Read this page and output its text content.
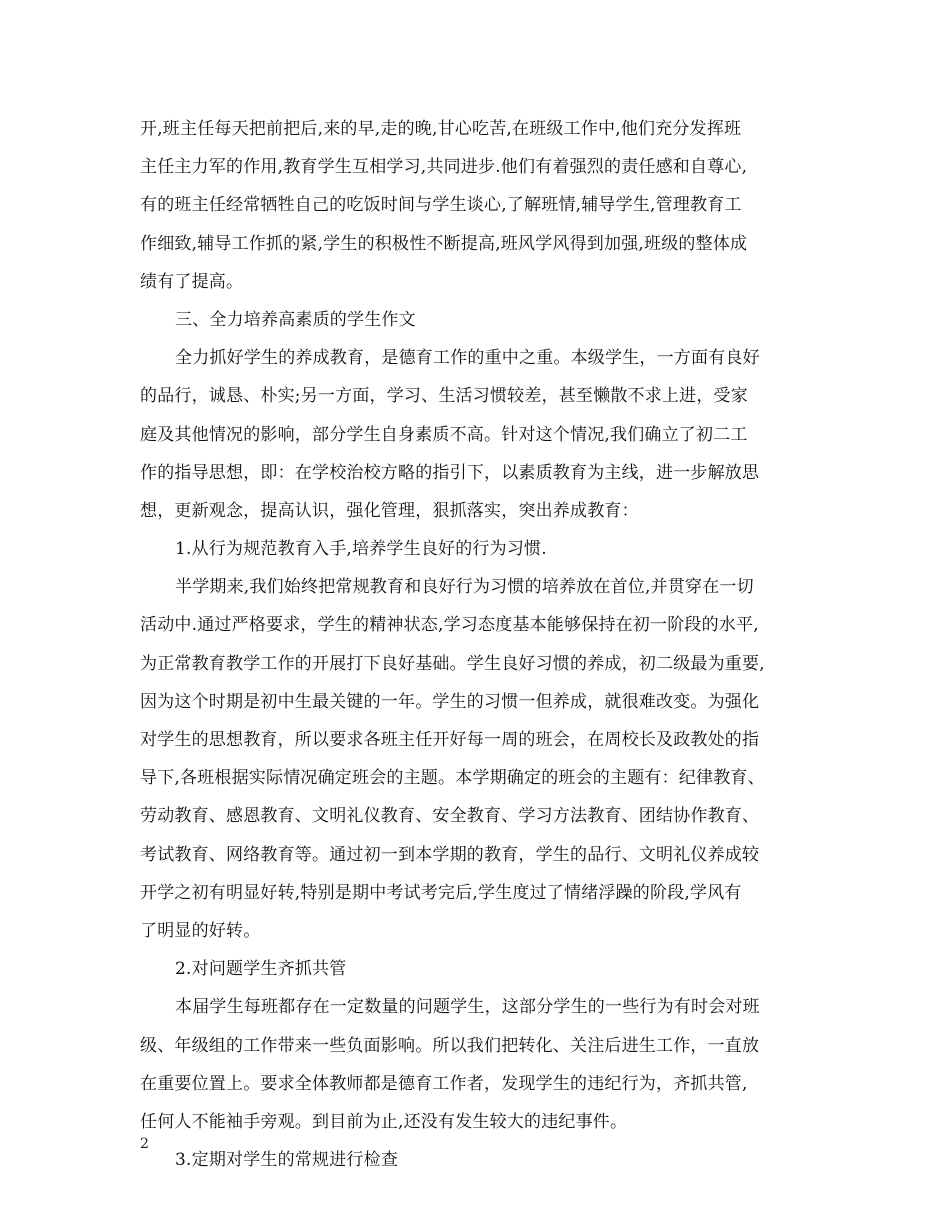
开,班主任每天把前把后,来的早,走的晚,甘心吃苦,在班级工作中,他们充分发挥班
主任主力军的作用,教育学生互相学习,共同进步.他们有着强烈的责任感和自尊心,
有的班主任经常牺牲自己的吃饭时间与学生谈心,了解班情,辅导学生,管理教育工
作细致,辅导工作抓的紧,学生的积极性不断提高,班风学风得到加强,班级的整体成
绩有了提高。
三、全力培养高素质的学生作文
全力抓好学生的养成教育，是德育工作的重中之重。本级学生，一方面有良好
的品行，诚恳、朴实;另一方面，学习、生活习惯较差，甚至懒散不求上进，受家
庭及其他情况的影响，部分学生自身素质不高。针对这个情况,我们确立了初二工
作的指导思想，即：在学校治校方略的指引下，以素质教育为主线，进一步解放思
想，更新观念，提高认识，强化管理，狠抓落实，突出养成教育：
1.从行为规范教育入手,培养学生良好的行为习惯.
半学期来,我们始终把常规教育和良好行为习惯的培养放在首位,并贯穿在一切
活动中.通过严格要求，学生的精神状态,学习态度基本能够保持在初一阶段的水平,
为正常教育教学工作的开展打下良好基础。学生良好习惯的养成，初二级最为重要,
因为这个时期是初中生最关键的一年。学生的习惯一但养成，就很难改变。为强化
对学生的思想教育，所以要求各班主任开好每一周的班会，在周校长及政教处的指
导下,各班根据实际情况确定班会的主题。本学期确定的班会的主题有：纪律教育、
劳动教育、感恩教育、文明礼仪教育、安全教育、学习方法教育、团结协作教育、
考试教育、网络教育等。通过初一到本学期的教育，学生的品行、文明礼仪养成较
开学之初有明显好转,特别是期中考试考完后,学生度过了情绪浮躁的阶段,学风有
了明显的好转。
2.对问题学生齐抓共管
本届学生每班都存在一定数量的问题学生，这部分学生的一些行为有时会对班
级、年级组的工作带来一些负面影响。所以我们把转化、关注后进生工作，一直放
在重要位置上。要求全体教师都是德育工作者，发现学生的违纪行为，齐抓共管,
任何人不能袖手旁观。到目前为止,还没有发生较大的违纪事件。
3.定期对学生的常规进行检查
2
